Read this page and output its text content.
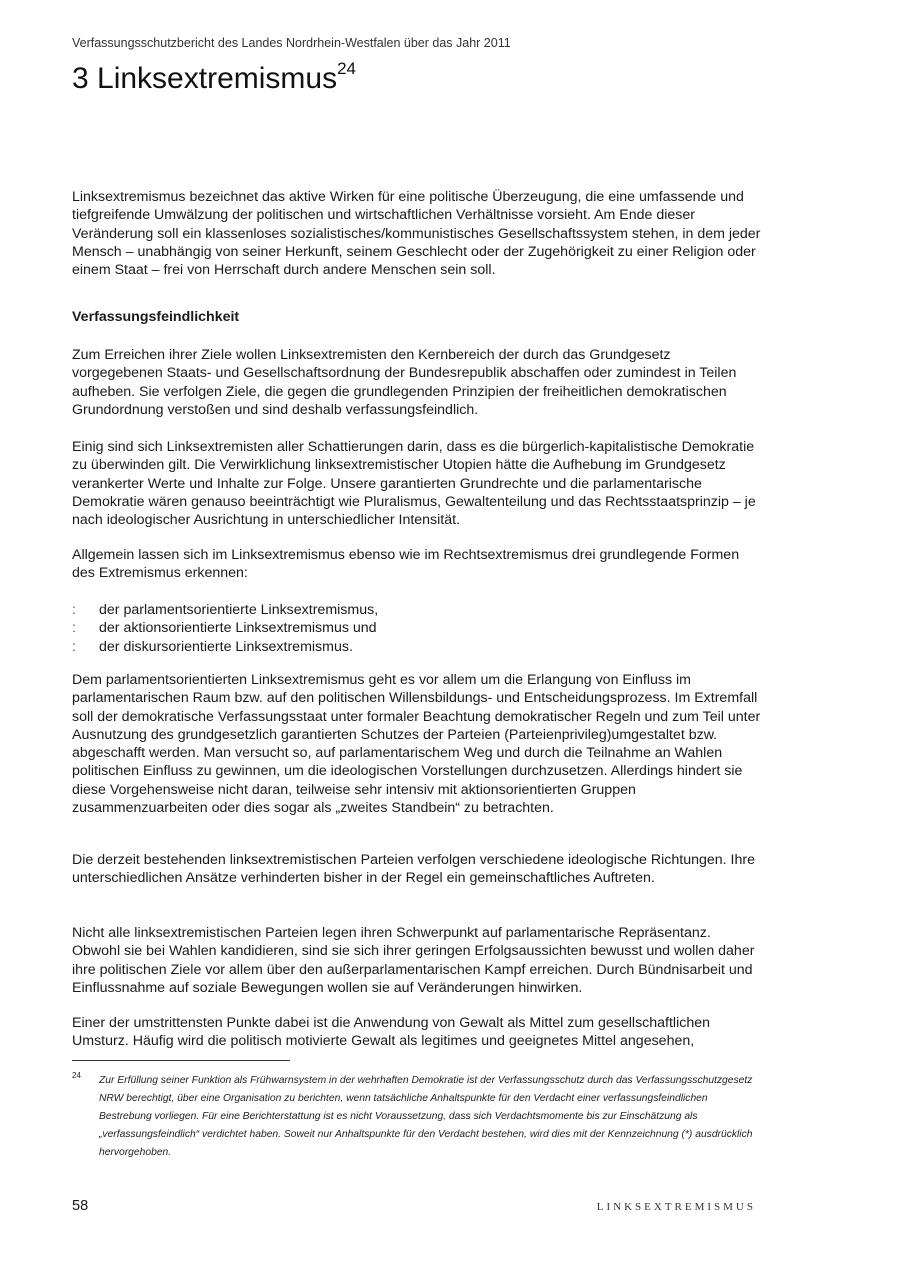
Verfassungsschutzbericht des Landes Nordrhein-Westfalen über das Jahr 2011
3 Linksextremismus$^{24}$

Linksextremismus bezeichnet das aktive Wirken für eine politische Überzeugung, die eine umfassende und tiefgreifende Umwälzung der politischen und wirtschaftlichen Verhältnisse vorsieht. Am Ende dieser Veränderung soll ein klassenloses sozialistisches/kommunistisches Gesellschaftssystem stehen, in dem jeder Mensch – unabhängig von seiner Herkunft, seinem Geschlecht oder der Zugehörigkeit zu einer Religion oder einem Staat – frei von Herrschaft durch andere Menschen sein soll.

Verfassungsfeindlichkeit

Zum Erreichen ihrer Ziele wollen Linksextremisten den Kernbereich der durch das Grundgesetz vorgegebenen Staats- und Gesellschaftsordnung der Bundesrepublik abschaffen oder zumindest in Teilen aufheben. Sie verfolgen Ziele, die gegen die grundlegenden Prinzipien der freiheitlichen demokratischen Grundordnung verstoßen und sind deshalb verfassungsfeindlich.

Einig sind sich Linksextremisten aller Schattierungen darin, dass es die bürgerlich-kapitalistische Demokratie zu überwinden gilt. Die Verwirklichung linksextremistischer Utopien hätte die Aufhebung im Grundgesetz verankerter Werte und Inhalte zur Folge. Unsere garantierten Grundrechte und die parlamentarische Demokratie wären genauso beeinträchtigt wie Pluralismus, Gewaltenteilung und das Rechtsstaatsprinzip – je nach ideologischer Ausrichtung in unterschiedlicher Intensität.

Allgemein lassen sich im Linksextremismus ebenso wie im Rechtsextremismus drei grundlegende Formen des Extremismus erkennen:

: der parlamentsorientierte Linksextremismus,
: der aktionsorientierte Linksextremismus und
: der diskursorientierte Linksextremismus.

Dem parlamentsorientierten Linksextremismus geht es vor allem um die Erlangung von Einfluss im parlamentarischen Raum bzw. auf den politischen Willensbildungs- und Entscheidungsprozess. Im Extremfall soll der demokratische Verfassungsstaat unter formaler Beachtung demokratischer Regeln und zum Teil unter Ausnutzung des grundgesetzlich garantierten Schutzes der Parteien (Parteienprivileg)umgestaltet bzw. abgeschafft werden. Man versucht so, auf parlamentarischem Weg und durch die Teilnahme an Wahlen politischen Einfluss zu gewinnen, um die ideologischen Vorstellungen durchzusetzen. Allerdings hindert sie diese Vorgehensweise nicht daran, teilweise sehr intensiv mit aktionsorientierten Gruppen zusammenzuarbeiten oder dies sogar als „zweites Standbein“ zu betrachten.

Die derzeit bestehenden linksextremistischen Parteien verfolgen verschiedene ideologische Richtungen. Ihre unterschiedlichen Ansätze verhinderten bisher in der Regel ein gemeinschaftliches Auftreten.

Nicht alle linksextremistischen Parteien legen ihren Schwerpunkt auf parlamentarische Repräsentanz. Obwohl sie bei Wahlen kandidieren, sind sie sich ihrer geringen Erfolgsaussichten bewusst und wollen daher ihre politischen Ziele vor allem über den außerparlamentarischen Kampf erreichen. Durch Bündnisarbeit und Einflussnahme auf soziale Bewegungen wollen sie auf Veränderungen hinwirken.

Einer der umstrittensten Punkte dabei ist die Anwendung von Gewalt als Mittel zum gesellschaftlichen Umsturz. Häufig wird die politisch motivierte Gewalt als legitimes und geeignetes Mittel angesehen,

24	Zur Erfüllung seiner Funktion als Frühwarnsystem in der wehrhaften Demokratie ist der Verfassungsschutz durch das Verfassungsschutzgesetz NRW berechtigt, über eine Organisation zu berichten, wenn tatsächliche Anhaltspunkte für den Verdacht einer verfassungsfeindlichen Bestrebung vorliegen. Für eine Berichterstattung ist es nicht Voraussetzung, dass sich Verdachtsmomente bis zur Einschätzung als „verfassungsfeindlich“ verdichtet haben. Soweit nur Anhaltspunkte für den Verdacht bestehen, wird dies mit der Kennzeichnung (*) ausdrücklich hervorgehoben.
58	LINKSEXTREMISMUS
